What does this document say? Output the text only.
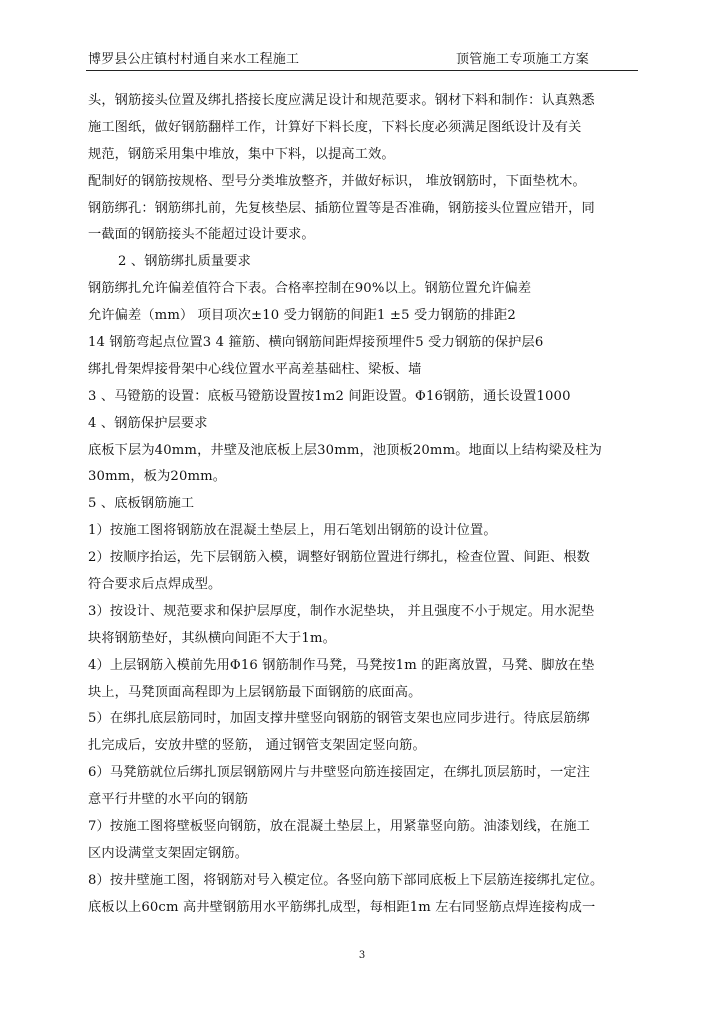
博罗县公庄镇村村通自来水工程施工	顶管施工专项施工方案
头，钢筋接头位置及绑扎搭接长度应满足设计和规范要求。钢材下料和制作：认真熟悉
施工图纸，做好钢筋翻样工作，计算好下料长度，下料长度必须满足图纸设计及有关
规范，钢筋采用集中堆放，集中下料，以提高工效。
配制好的钢筋按规格、型号分类堆放整齐，并做好标识， 堆放钢筋时，下面垫枕木。
钢筋绑孔：钢筋绑扎前，先复核垫层、插筋位置等是否准确，钢筋接头位置应错开，同
一截面的钢筋接头不能超过设计要求。
2 、钢筋绑扎质量要求
钢筋绑扎允许偏差值符合下表。合格率控制在90%以上。钢筋位置允许偏差
允许偏差（mm） 项目项次±10 受力钢筋的间距1 ±5 受力钢筋的排距2
14 钢筋弯起点位置3 4 箍筋、横向钢筋间距焊接预埋件5 受力钢筋的保护层6
绑扎骨架焊接骨架中心线位置水平高差基础柱、梁板、墙
3 、马镫筋的设置：底板马镫筋设置按1m2 间距设置。Φ16钢筋，通长设置1000
4 、钢筋保护层要求
底板下层为40mm，井壁及池底板上层30mm，池顶板20mm。地面以上结构梁及柱为
30mm，板为20mm。
5 、底板钢筋施工
1）按施工图将钢筋放在混凝土垫层上，用石笔划出钢筋的设计位置。
2）按顺序抬运，先下层钢筋入模，调整好钢筋位置进行绑扎，检查位置、间距、根数
符合要求后点焊成型。
3）按设计、规范要求和保护层厚度，制作水泥垫块， 并且强度不小于规定。用水泥垫
块将钢筋垫好，其纵横向间距不大于1m。
4）上层钢筋入模前先用Φ16 钢筋制作马凳，马凳按1m 的距离放置，马凳、脚放在垫
块上，马凳顶面高程即为上层钢筋最下面钢筋的底面高。
5）在绑扎底层筋同时，加固支撑井壁竖向钢筋的钢管支架也应同步进行。待底层筋绑
扎完成后，安放井壁的竖筋， 通过钢管支架固定竖向筋。
6）马凳筋就位后绑扎顶层钢筋网片与井壁竖向筋连接固定，在绑扎顶层筋时，一定注
意平行井壁的水平向的钢筋
7）按施工图将壁板竖向钢筋，放在混凝土垫层上，用紧靠竖向筋。油漆划线，在施工
区内设满堂支架固定钢筋。
8）按井壁施工图，将钢筋对号入模定位。各竖向筋下部同底板上下层筋连接绑扎定位。
底板以上60cm 高井壁钢筋用水平筋绑扎成型，每相距1m 左右同竖筋点焊连接构成一
3
